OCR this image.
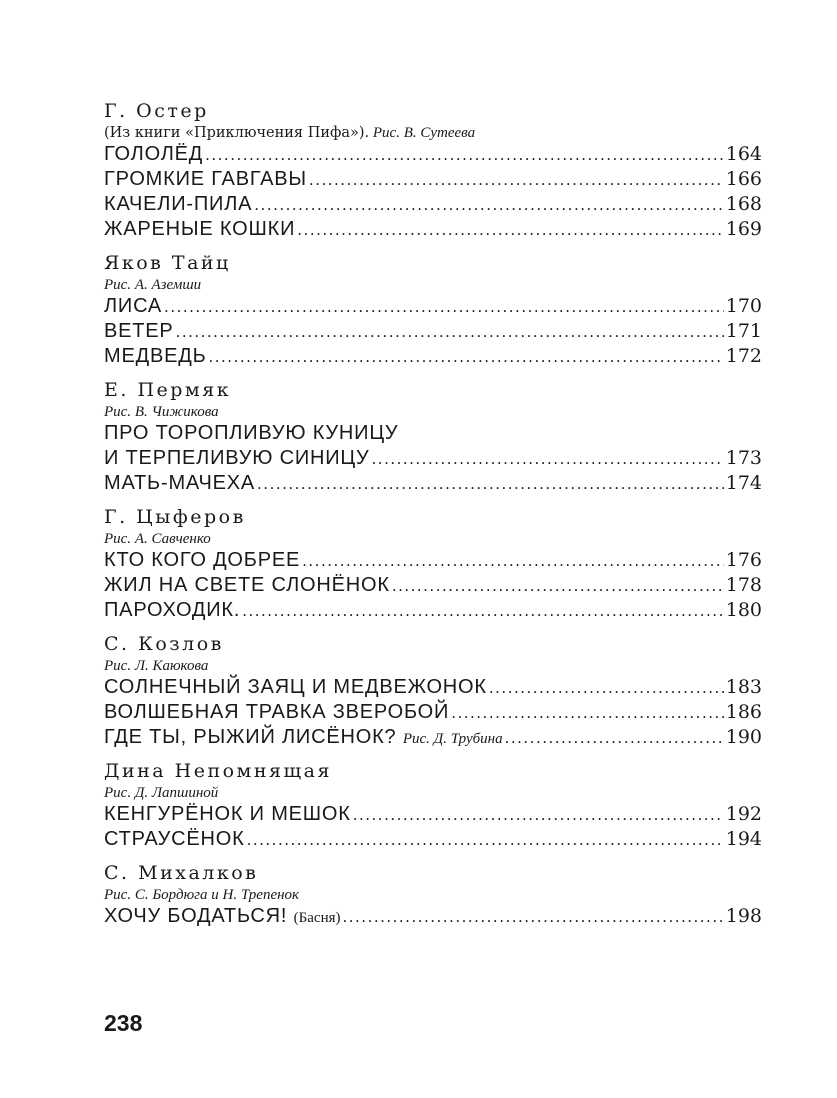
Г. Остер
(Из книги «Приключения Пифа»). Рис. В. Сутеева
ГОЛОЛЁД .....	164
ГРОМКИЕ ГАВГАВЫ .....	166
КАЧЕЛИ-ПИЛА .....	168
ЖАРЕНЫЕ КОШКИ .....	169
Яков Тайц
Рис. А. Аземши
ЛИСА .....	170
ВЕТЕР .....	171
МЕДВЕДЬ .....	172
Е. Пермяк
Рис. В. Чижикова
ПРО ТОРОПЛИВУЮ КУНИЦУ
И ТЕРПЕЛИВУЮ СИНИЦУ .....	173
МАТЬ-МАЧЕХА .....	174
Г. Цыферов
Рис. А. Савченко
КТО КОГО ДОБРЕЕ .....	176
ЖИЛ НА СВЕТЕ СЛОНЁНОК .....	178
ПАРОХОДИК. .....	180
С. Козлов
Рис. Л. Каюкова
СОЛНЕЧНЫЙ ЗАЯЦ И МЕДВЕЖОНОК .....	183
ВОЛШЕБНАЯ ТРАВКА ЗВЕРОБОЙ .....	186
ГДЕ ТЫ, РЫЖИЙ ЛИСЁНОК? Рис. Д. Трубина .....	190
Дина Непомнящая
Рис. Д. Лапшиной
КЕНГУРЁНОК И МЕШОК .....	192
СТРАУСЁНОК .....	194
С. Михалков
Рис. С. Бордюга и Н. Трепенок
ХОЧУ БОДАТЬСЯ! (Басня) .....	198
238
